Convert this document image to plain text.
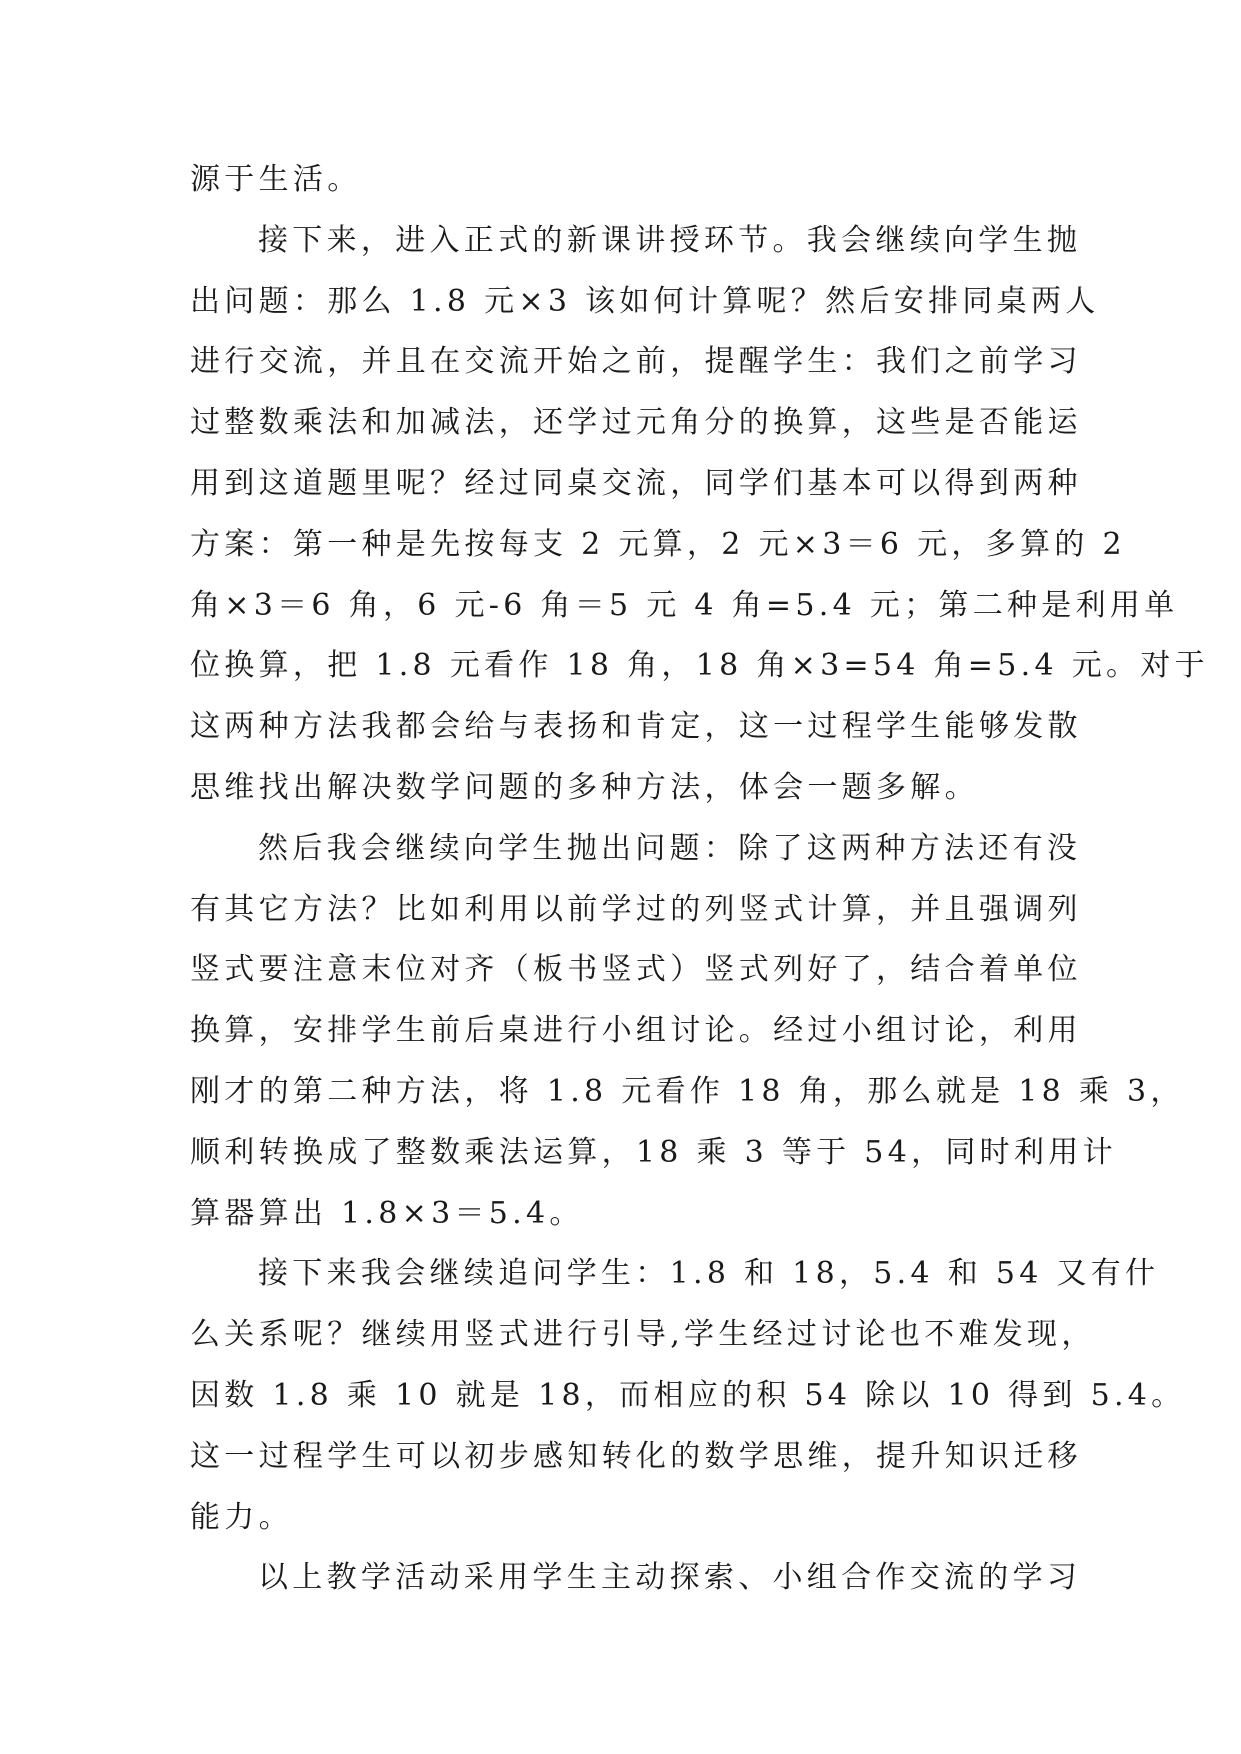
源于生活。
接下来，进入正式的新课讲授环节。我会继续向学生抛
出问题：那么 1.8 元×3 该如何计算呢？然后安排同桌两人
进行交流，并且在交流开始之前，提醒学生：我们之前学习
过整数乘法和加减法，还学过元角分的换算，这些是否能运
用到这道题里呢？经过同桌交流，同学们基本可以得到两种
方案：第一种是先按每支 2 元算，2 元×3＝6 元，多算的 2
角×3＝6 角，6 元-6 角＝5 元 4 角=5.4 元；第二种是利用单
位换算，把 1.8 元看作 18 角，18 角×3=54 角=5.4 元。对于
这两种方法我都会给与表扬和肯定，这一过程学生能够发散
思维找出解决数学问题的多种方法，体会一题多解。
然后我会继续向学生抛出问题：除了这两种方法还有没
有其它方法？比如利用以前学过的列竖式计算，并且强调列
竖式要注意末位对齐（板书竖式）竖式列好了，结合着单位
换算，安排学生前后桌进行小组讨论。经过小组讨论，利用
刚才的第二种方法，将 1.8 元看作 18 角，那么就是 18 乘 3，
顺利转换成了整数乘法运算，18 乘 3 等于 54，同时利用计
算器算出 1.8×3＝5.4。
接下来我会继续追问学生：1.8 和 18，5.4 和 54 又有什
么关系呢？继续用竖式进行引导,学生经过讨论也不难发现，
因数 1.8 乘 10 就是 18，而相应的积 54 除以 10 得到 5.4。
这一过程学生可以初步感知转化的数学思维，提升知识迁移
能力。
以上教学活动采用学生主动探索、小组合作交流的学习
